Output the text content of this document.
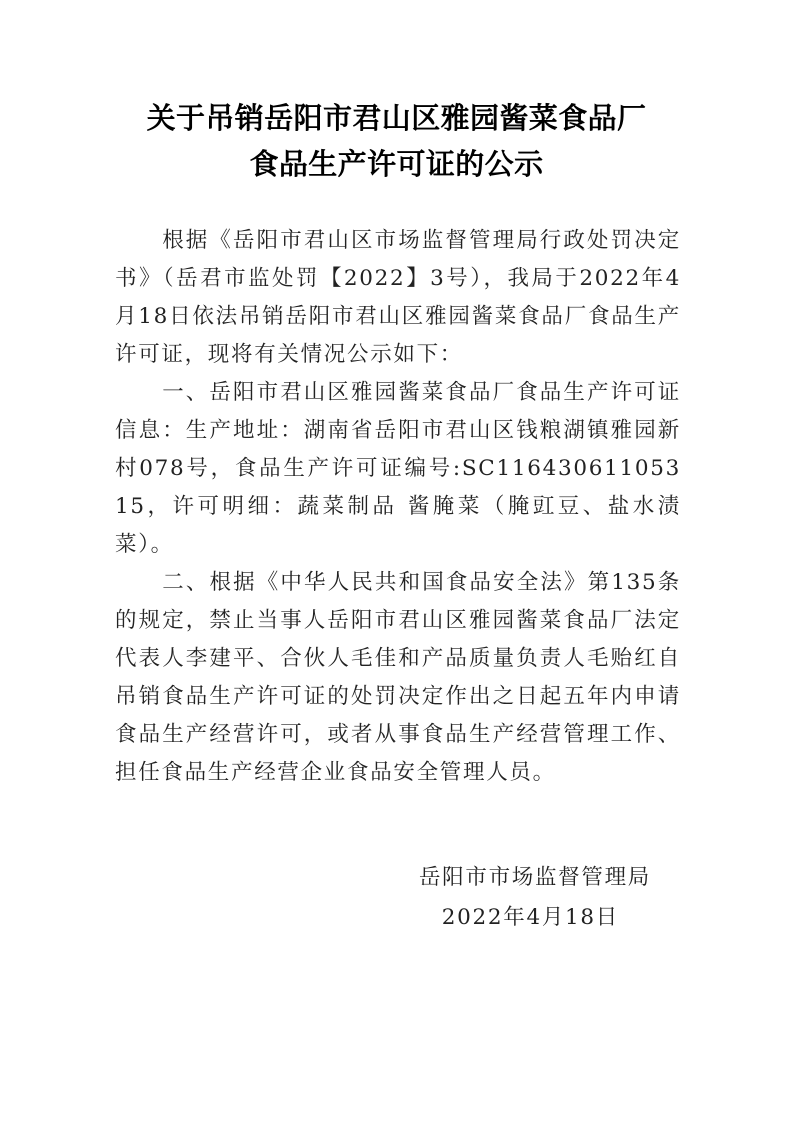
关于吊销岳阳市君山区雅园酱菜食品厂
食品生产许可证的公示

根据《岳阳市君山区市场监督管理局行政处罚决定书》（岳君市监处罚【2022】3号），我局于2022年4月18日依法吊销岳阳市君山区雅园酱菜食品厂食品生产许可证，现将有关情况公示如下：

一、岳阳市君山区雅园酱菜食品厂食品生产许可证信息：生产地址：湖南省岳阳市君山区钱粮湖镇雅园新村078号，食品生产许可证编号:SC11643061105315，许可明细：蔬菜制品 酱腌菜（腌豇豆、盐水渍菜）。

二、根据《中华人民共和国食品安全法》第135条的规定，禁止当事人岳阳市君山区雅园酱菜食品厂法定代表人李建平、合伙人毛佳和产品质量负责人毛贻红自吊销食品生产许可证的处罚决定作出之日起五年内申请食品生产经营许可，或者从事食品生产经营管理工作、担任食品生产经营企业食品安全管理人员。

岳阳市市场监督管理局
2022年4月18日
